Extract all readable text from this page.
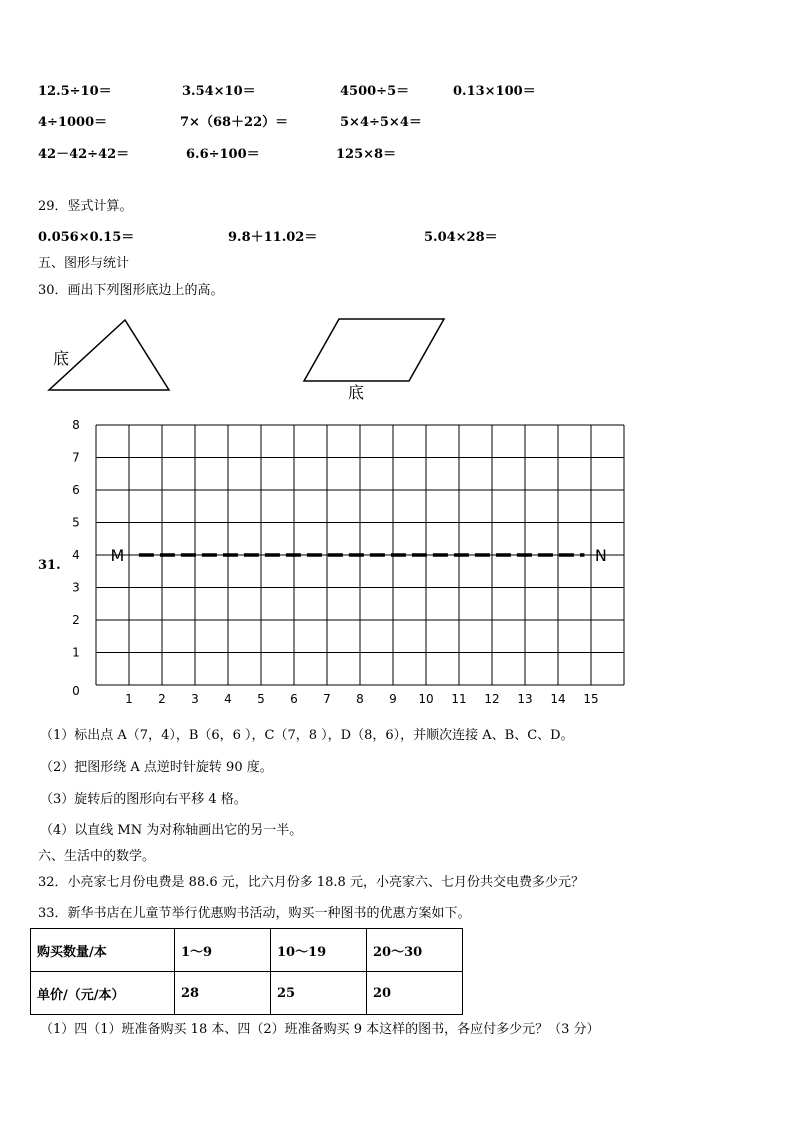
12.5÷10＝	3.54×10＝	4500÷5＝	0.13×100＝
4÷1000＝	7×（68＋22）＝	5×4÷5×4＝
42－42÷42＝	6.6÷100＝	125×8＝
29．竖式计算。
0.056×0.15＝	9.8＋11.02＝	5.04×28＝
五、图形与统计
30．画出下列图形底边上的高。
底
底
31.
0
1
2
3
4
5
6
7
8
1 2 3 4 5 6 7 8 9 10 11 12 13 14 15
M	N
（1）标出点 A（7，4），B（6，6 ），C（7，8 ），D（8，6），并顺次连接 A、B、C、D。
（2）把图形绕 A 点逆时针旋转 90 度。
（3）旋转后的图形向右平移 4 格。
（4）以直线 MN 为对称轴画出它的另一半。
六、生活中的数学。
32．小亮家七月份电费是 88.6 元，比六月份多 18.8 元，小亮家六、七月份共交电费多少元？
33．新华书店在儿童节举行优惠购书活动，购买一种图书的优惠方案如下。
购买数量/本	1～9	10～19	20～30
单价/（元/本）	28	25	20
（1）四（1）班准备购买 18 本、四（2）班准备购买 9 本这样的图书，各应付多少元？（3 分）
